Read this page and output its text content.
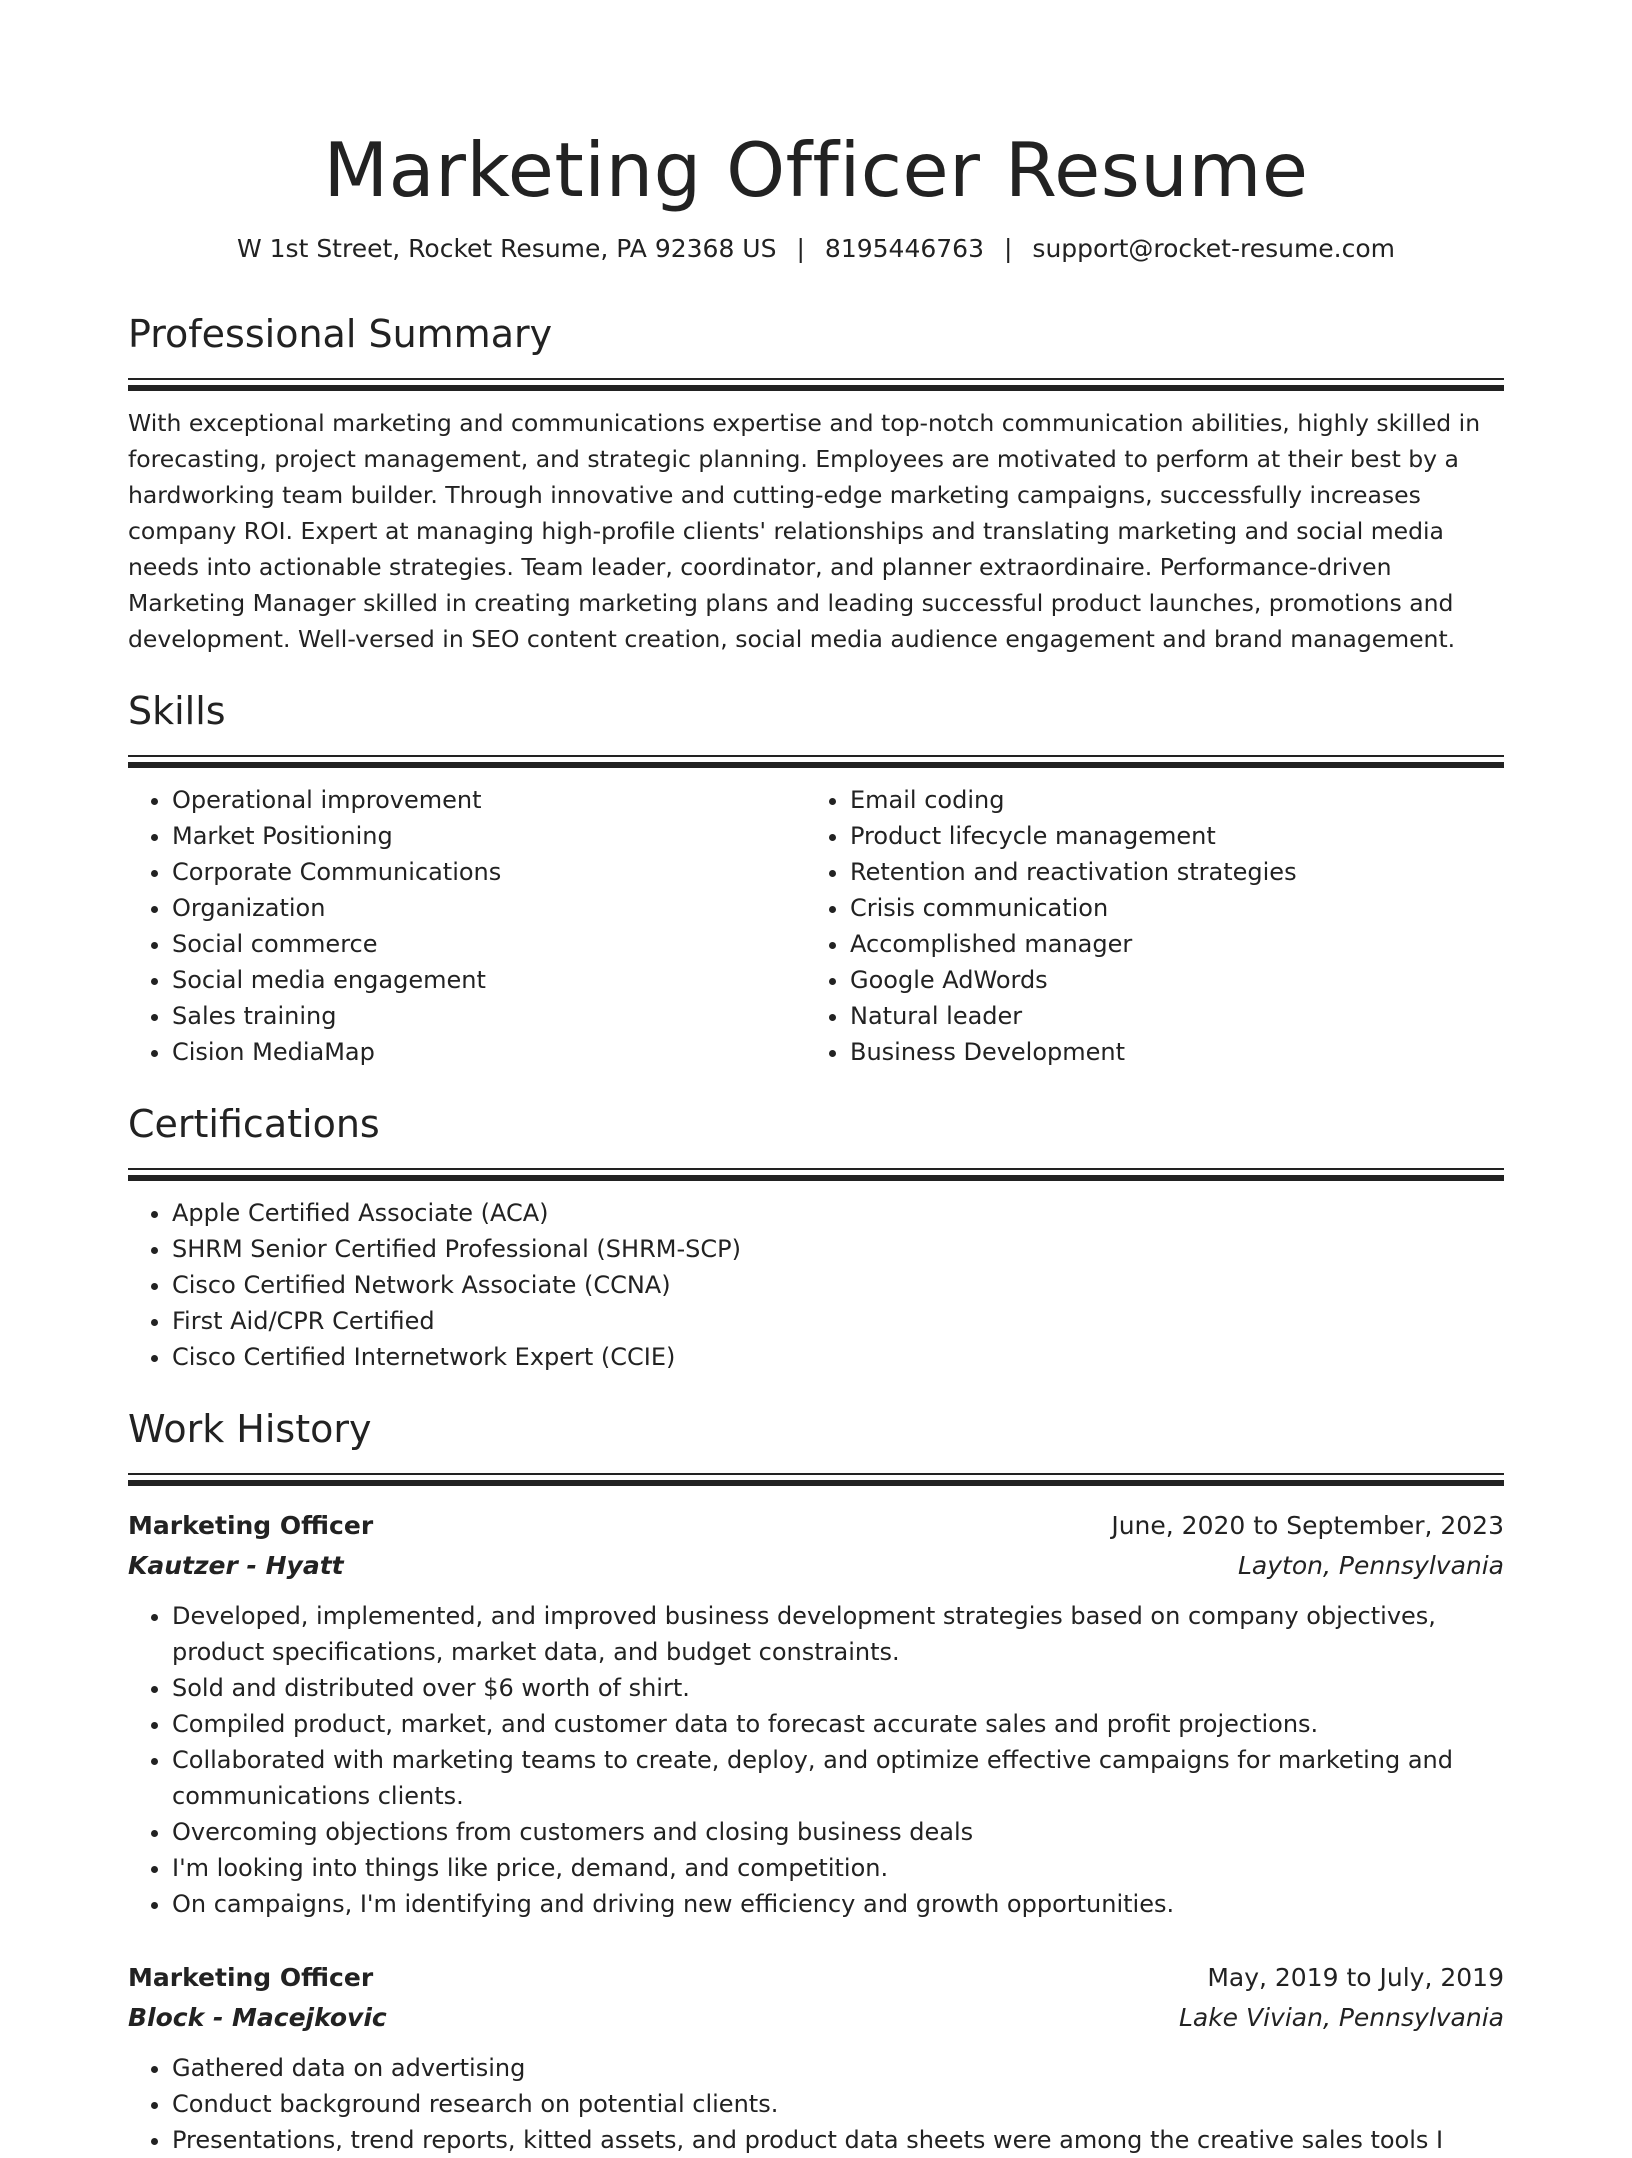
Marketing Officer Resume
W 1st Street, Rocket Resume, PA 92368 US | 8195446763 | support@rocket-resume.com
Professional Summary

With exceptional marketing and communications expertise and top-notch communication abilities, highly skilled in forecasting, project management, and strategic planning. Employees are motivated to perform at their best by a hardworking team builder. Through innovative and cutting-edge marketing campaigns, successfully increases company ROI. Expert at managing high-profile clients' relationships and translating marketing and social media needs into actionable strategies. Team leader, coordinator, and planner extraordinaire. Performance-driven Marketing Manager skilled in creating marketing plans and leading successful product launches, promotions and development. Well-versed in SEO content creation, social media audience engagement and brand management.

Skills
• Operational improvement
• Market Positioning
• Corporate Communications
• Organization
• Social commerce
• Social media engagement
• Sales training
• Cision MediaMap
• Email coding
• Product lifecycle management
• Retention and reactivation strategies
• Crisis communication
• Accomplished manager
• Google AdWords
• Natural leader
• Business Development
Certifications
• Apple Certified Associate (ACA)
• SHRM Senior Certified Professional (SHRM-SCP)
• Cisco Certified Network Associate (CCNA)
• First Aid/CPR Certified
• Cisco Certified Internetwork Expert (CCIE)
Work History
Marketing Officer	June, 2020 to September, 2023
Kautzer - Hyatt	Layton, Pennsylvania
• Developed, implemented, and improved business development strategies based on company objectives, product specifications, market data, and budget constraints.
• Sold and distributed over $6 worth of shirt.
• Compiled product, market, and customer data to forecast accurate sales and profit projections.
• Collaborated with marketing teams to create, deploy, and optimize effective campaigns for marketing and communications clients.
• Overcoming objections from customers and closing business deals
• I'm looking into things like price, demand, and competition.
• On campaigns, I'm identifying and driving new efficiency and growth opportunities.
Marketing Officer	May, 2019 to July, 2019
Block - Macejkovic	Lake Vivian, Pennsylvania
• Gathered data on advertising
• Conduct background research on potential clients.
• Presentations, trend reports, kitted assets, and product data sheets were among the creative sales tools I
